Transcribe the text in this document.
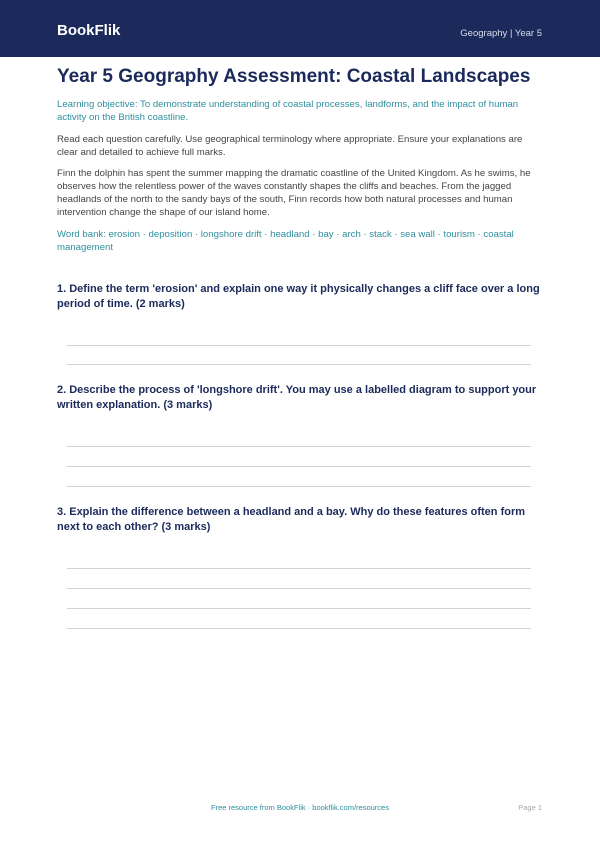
BookFlik	Geography | Year 5
Year 5 Geography Assessment: Coastal Landscapes

Learning objective: To demonstrate understanding of coastal processes, landforms, and the impact of human activity on the British coastline.

Read each question carefully. Use geographical terminology where appropriate. Ensure your explanations are clear and detailed to achieve full marks.

Finn the dolphin has spent the summer mapping the dramatic coastline of the United Kingdom. As he swims, he observes how the relentless power of the waves constantly shapes the cliffs and beaches. From the jagged headlands of the north to the sandy bays of the south, Finn records how both natural processes and human intervention change the shape of our island home.

Word bank: erosion · deposition · longshore drift · headland · bay · arch · stack · sea wall · tourism · coastal management

1. Define the term 'erosion' and explain one way it physically changes a cliff face over a long period of time. (2 marks)
2. Describe the process of 'longshore drift'. You may use a labelled diagram to support your written explanation. (3 marks)
3. Explain the difference between a headland and a bay. Why do these features often form next to each other? (3 marks)
Free resource from BookFlik · bookflik.com/resources	Page 1
